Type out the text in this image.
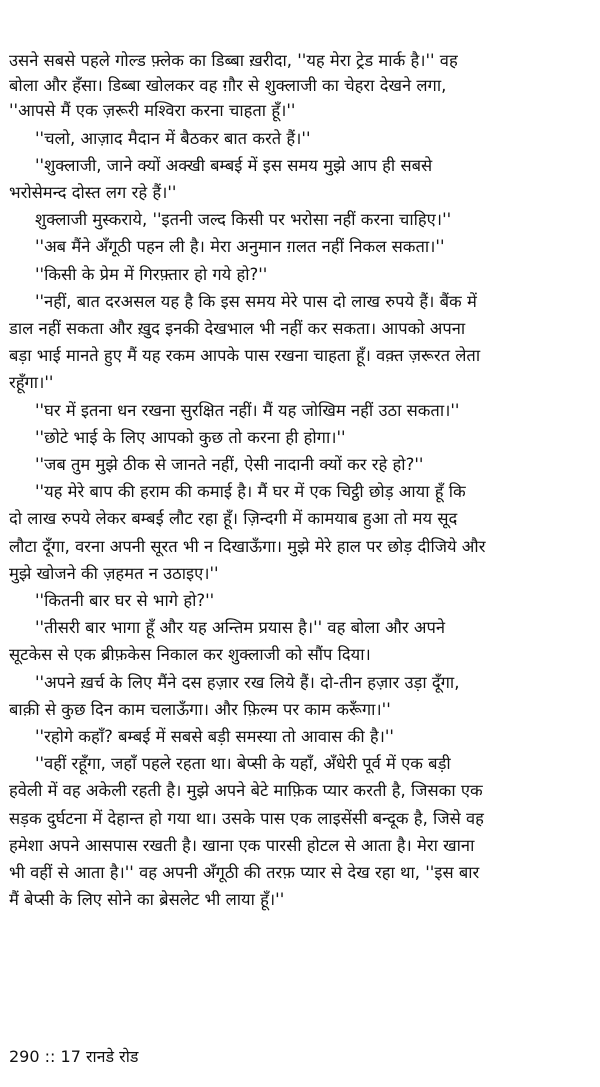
उसने सबसे पहले गोल्ड फ़्लेक का डिब्बा ख़रीदा, ''यह मेरा ट्रेड मार्क है।'' वह
बोला और हँसा। डिब्बा खोलकर वह ग़ौर से शुक्लाजी का चेहरा देखने लगा,
''आपसे मैं एक ज़रूरी मश्विरा करना चाहता हूँ।''
''चलो, आज़ाद मैदान में बैठकर बात करते हैं।''
''शुक्लाजी, जाने क्यों अक्खी बम्बई में इस समय मुझे आप ही सबसे
भरोसेमन्द दोस्त लग रहे हैं।''
शुक्लाजी मुस्कराये, ''इतनी जल्द किसी पर भरोसा नहीं करना चाहिए।''
''अब मैंने अँगूठी पहन ली है। मेरा अनुमान ग़लत नहीं निकल सकता।''
''किसी के प्रेम में गिरफ़्तार हो गये हो?''
''नहीं, बात दरअसल यह है कि इस समय मेरे पास दो लाख रुपये हैं। बैंक में
डाल नहीं सकता और ख़ुद इनकी देखभाल भी नहीं कर सकता। आपको अपना
बड़ा भाई मानते हुए मैं यह रकम आपके पास रखना चाहता हूँ। वक़्त ज़रूरत लेता
रहूँगा।''
''घर में इतना धन रखना सुरक्षित नहीं। मैं यह जोखिम नहीं उठा सकता।''
''छोटे भाई के लिए आपको कुछ तो करना ही होगा।''
''जब तुम मुझे ठीक से जानते नहीं, ऐसी नादानी क्यों कर रहे हो?''
''यह मेरे बाप की हराम की कमाई है। मैं घर में एक चिट्ठी छोड़ आया हूँ कि
दो लाख रुपये लेकर बम्बई लौट रहा हूँ। ज़िन्दगी में कामयाब हुआ तो मय सूद
लौटा दूँगा, वरना अपनी सूरत भी न दिखाऊँगा। मुझे मेरे हाल पर छोड़ दीजिये और
मुझे खोजने की ज़हमत न उठाइए।''
''कितनी बार घर से भागे हो?''
''तीसरी बार भागा हूँ और यह अन्तिम प्रयास है।'' वह बोला और अपने
सूटकेस से एक ब्रीफ़केस निकाल कर शुक्लाजी को सौंप दिया।
''अपने ख़र्च के लिए मैंने दस हज़ार रख लिये हैं। दो-तीन हज़ार उड़ा दूँगा,
बाक़ी से कुछ दिन काम चलाऊँगा। और फ़िल्म पर काम करूँगा।''
''रहोगे कहाँ? बम्बई में सबसे बड़ी समस्या तो आवास की है।''
''वहीं रहूँगा, जहाँ पहले रहता था। बेप्सी के यहाँ, अँधेरी पूर्व में एक बड़ी
हवेली में वह अकेली रहती है। मुझे अपने बेटे माफ़िक प्यार करती है, जिसका एक
सड़क दुर्घटना में देहान्त हो गया था। उसके पास एक लाइसेंसी बन्दूक है, जिसे वह
हमेशा अपने आसपास रखती है। खाना एक पारसी होटल से आता है। मेरा खाना
भी वहीं से आता है।'' वह अपनी अँगूठी की तरफ़ प्यार से देख रहा था, ''इस बार
मैं बेप्सी के लिए सोने का ब्रेसलेट भी लाया हूँ।''
290 :: 17 रानडे रोड
